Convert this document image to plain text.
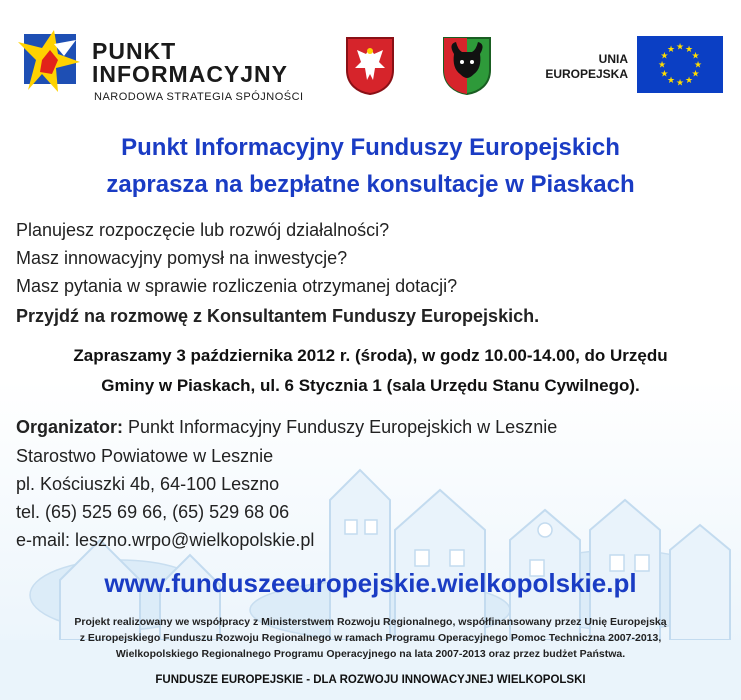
PUNKT
INFORMACYJNY
NARODOWA STRATEGIA SPÓJNOŚCI
UNIA
EUROPEJSKA
★
★
★
★
★
★
★
★
★ ★ ★
★
Punkt Informacyjny Funduszy Europejskich
zaprasza na bezpłatne konsultacje w Piaskach
Planujesz rozpoczęcie lub rozwój działalności?
Masz innowacyjny pomysł na inwestycje?
Masz pytania w sprawie rozliczenia otrzymanej dotacji?
Przyjdź na rozmowę z Konsultantem Funduszy Europejskich.
Zapraszamy 3 października 2012 r. (środa), w godz 10.00-14.00, do Urzędu
Gminy w Piaskach, ul. 6 Stycznia 1 (sala Urzędu Stanu Cywilnego).
Organizator: Punkt Informacyjny Funduszy Europejskich w Lesznie
Starostwo Powiatowe w Lesznie
pl. Kościuszki 4b, 64-100 Leszno
tel. (65) 525 69 66, (65) 529 68 06
e-mail: leszno.wrpo@wielkopolskie.pl
www.funduszeeuropejskie.wielkopolskie.pl
Projekt realizowany we współpracy z Ministerstwem Rozwoju Regionalnego, współfinansowany przez Unię Europejską
z Europejskiego Funduszu Rozwoju Regionalnego w ramach Programu Operacyjnego Pomoc Techniczna 2007-2013,
Wielkopolskiego Regionalnego Programu Operacyjnego na lata 2007-2013 oraz przez budżet Państwa.
FUNDUSZE EUROPEJSKIE - DLA ROZWOJU INNOWACYJNEJ WIELKOPOLSKI
